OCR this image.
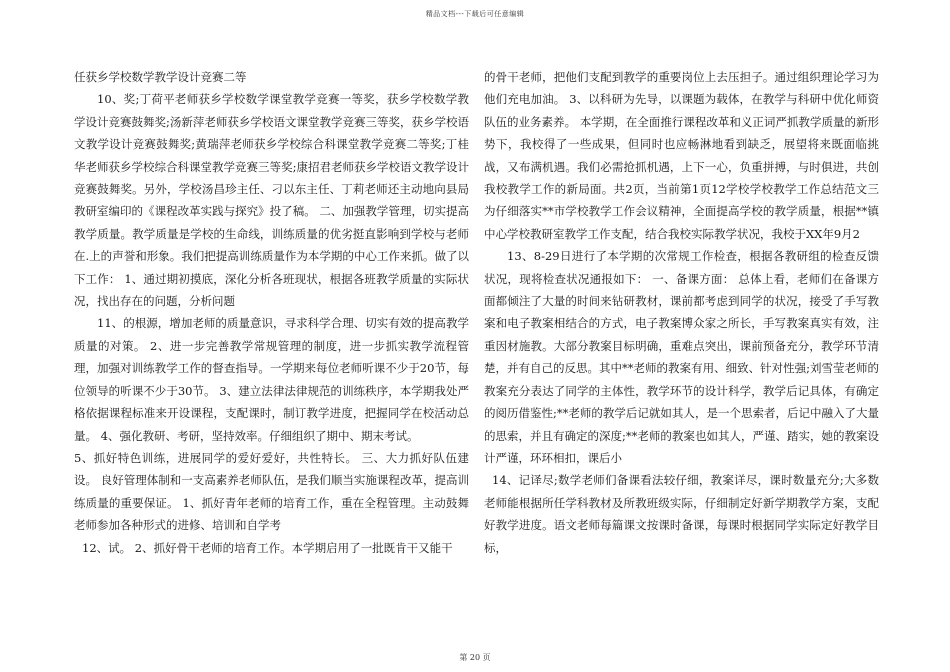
精品文档---下载后可任意编辑

任获乡学校数学教学设计竞赛二等

10、奖;丁荷平老师获乡学校数学课堂教学竞赛一等奖，获乡学校数学教学设计竞赛鼓舞奖;汤新萍老师获乡学校语文课堂教学竞赛三等奖，获乡学校语文教学设计竞赛鼓舞奖;黄瑞萍老师获乡学校综合科课堂教学竞赛二等奖;丁桂华老师获乡学校综合科课堂教学竞赛三等奖;康招君老师获乡学校语文教学设计竞赛鼓舞奖。另外，学校汤昌珍主任、刁以东主任、丁莉老师还主动地向县局教研室编印的《课程改革实践与探究》投了稿。 二、加强教学管理，切实提高教学质量。教学质量是学校的生命线，训练质量的优劣挺直影响到学校与老师在.上的声誉和形象。我们把提高训练质量作为本学期的中心工作来抓。做了以下工作： 1、通过期初摸底，深化分析各班现状，根据各班教学质量的实际状况，找出存在的问题，分析问题

11、的根源，增加老师的质量意识，寻求科学合理、切实有效的提高教学质量的对策。 2、进一步完善教学常规管理的制度，进一步抓实教学流程管理，加强对训练教学工作的督查指导。一学期来每位老师听课不少于20节，每位领导的听课不少于30节。 3、建立法律法律规范的训练秩序，本学期我处严格依据课程标准来开设课程，支配课时，制订教学进度，把握同学在校活动总量。 4、强化教研、考研，坚持效率。仔细组织了期中、期末考试。

5、抓好特色训练，进展同学的爱好爱好，共性特长。 三、大力抓好队伍建设。 良好管理体制和一支高素养老师队伍，是我们顺当实施课程改革，提高训练质量的重要保证。 1、抓好青年老师的培育工作，重在全程管理。主动鼓舞老师参加各种形式的进修、培训和自学考

12、试。 2、抓好骨干老师的培育工作。本学期启用了一批既肯干又能干

的骨干老师，把他们支配到教学的重要岗位上去压担子。通过组织理论学习为他们充电加油。 3、以科研为先导，以课题为载体，在教学与科研中优化师资队伍的业务素养。 本学期，在全面推行课程改革和义正词严抓教学质量的新形势下，我校得了一些成果，但同时也应畅淋地看到缺乏，展望将来既面临挑战，又布满机遇。我们必需抢抓机遇，上下一心，负重拼搏，与时俱进，共创我校教学工作的新局面。共2页，当前第1页12学校学校教学工作总结范文三 为仔细落实**市学校教学工作会议精神，全面提高学校的教学质量，根据**镇中心学校教研室教学工作支配，结合我校实际教学状况，我校于XX年9月2

13、8-29日进行了本学期的次常规工作检查，根据各教研组的检查反馈状况，现将检查状况通报如下： 一、备课方面： 总体上看，老师们在备课方面都倾注了大量的时间来钻研教材，课前都考虑到同学的状况，接受了手写教案和电子教案相结合的方式，电子教案博众家之所长，手写教案真实有效，注重因材施教。大部分教案目标明确，重难点突出，课前预备充分，教学环节清楚，并有自己的反思。其中**老师的教案有用、细致、针对性强;刘雪莹老师的教案充分表达了同学的主体性，教学环节的设计科学，教学后记具体，有确定的阅历借鉴性;**老师的教学后记就如其人，是一个思索者，后记中融入了大量的思索，并且有确定的深度;**老师的教案也如其人，严谨、踏实，她的教案设计严谨，环环相扣，课后小

14、记译尽;数学老师们备课看法较仔细，教案详尽，课时数量充分;大多数老师能根据所任学科教材及所教班级实际，仔细制定好新学期教学方案，支配好教学进度。语文老师每篇课文按课时备课，每课时根据同学实际定好教学目标，

第 20 页
